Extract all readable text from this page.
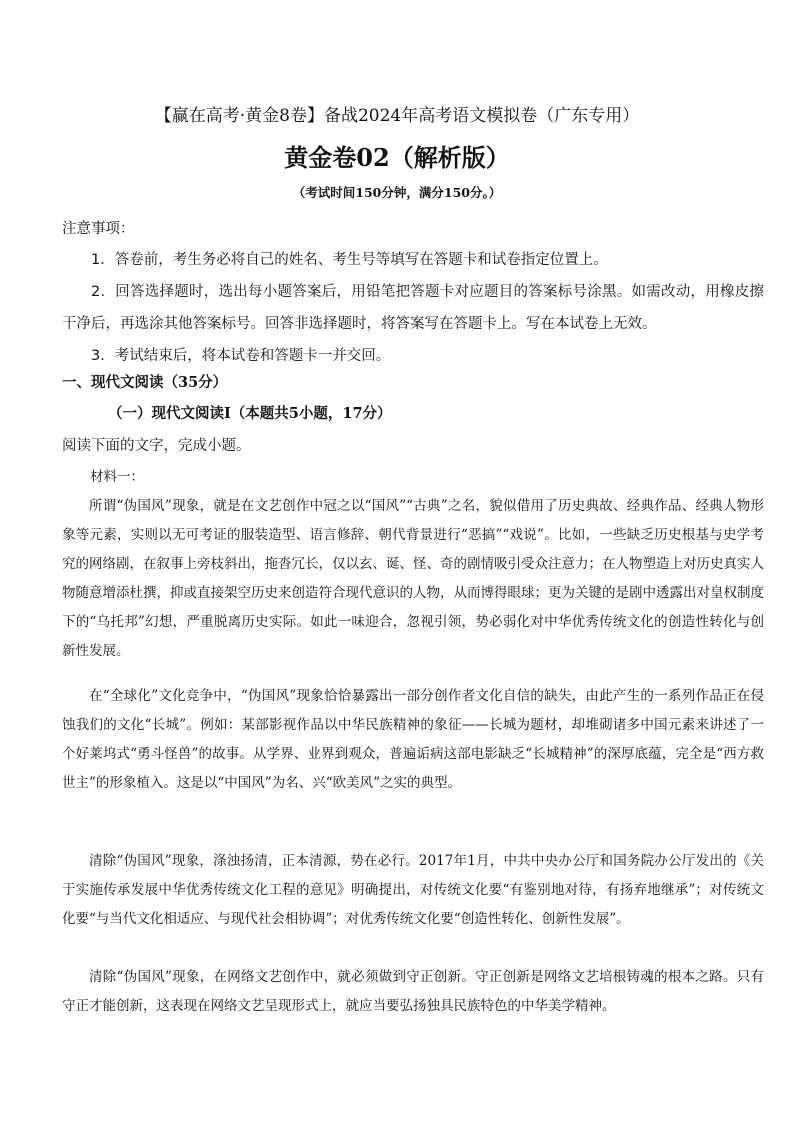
【赢在高考·黄金8卷】备战2024年高考语文模拟卷（广东专用）
黄金卷02（解析版）
（考试时间150分钟，满分150分。）
注意事项：

1．答卷前，考生务必将自己的姓名、考生号等填写在答题卡和试卷指定位置上。

2．回答选择题时，选出每小题答案后，用铅笔把答题卡对应题目的答案标号涂黑。如需改动，用橡皮擦干净后，再选涂其他答案标号。回答非选择题时，将答案写在答题卡上。写在本试卷上无效。

3．考试结束后，将本试卷和答题卡一并交回。

一、现代文阅读（35分）
（一）现代文阅读Ⅰ（本题共5小题，17分）
阅读下面的文字，完成小题。
材料一：

所谓“伪国风”现象，就是在文艺创作中冠之以“国风”“古典”之名，貌似借用了历史典故、经典作品、经典人物形象等元素，实则以无可考证的服装造型、语言修辞、朝代背景进行“恶搞”“戏说”。比如，一些缺乏历史根基与史学考究的网络剧，在叙事上旁枝斜出，拖沓冗长，仅以玄、诞、怪、奇的剧情吸引受众注意力；在人物塑造上对历史真实人物随意增添杜撰，抑或直接架空历史来创造符合现代意识的人物，从而博得眼球；更为关键的是剧中透露出对皇权制度下的“乌托邦”幻想，严重脱离历史实际。如此一味迎合，忽视引领，势必弱化对中华优秀传统文化的创造性转化与创新性发展。

在“全球化”文化竞争中，“伪国风”现象恰恰暴露出一部分创作者文化自信的缺失，由此产生的一系列作品正在侵蚀我们的文化“长城”。例如：某部影视作品以中华民族精神的象征——长城为题材，却堆砌诸多中国元素来讲述了一个好莱坞式“勇斗怪兽”的故事。从学界、业界到观众，普遍诟病这部电影缺乏“长城精神”的深厚底蕴，完全是“西方救世主”的形象植入。这是以“中国风”为名、兴“欧美风”之实的典型。

清除“伪国风”现象，涤浊扬清，正本清源，势在必行。2017年1月，中共中央办公厅和国务院办公厅发出的《关于实施传承发展中华优秀传统文化工程的意见》明确提出，对传统文化要“有鉴别地对待，有扬弃地继承”；对传统文化要“与当代文化相适应、与现代社会相协调”；对优秀传统文化要“创造性转化、创新性发展”。

清除“伪国风”现象，在网络文艺创作中，就必须做到守正创新。守正创新是网络文艺培根铸魂的根本之路。只有守正才能创新，这表现在网络文艺呈现形式上，就应当要弘扬独具民族特色的中华美学精神。
